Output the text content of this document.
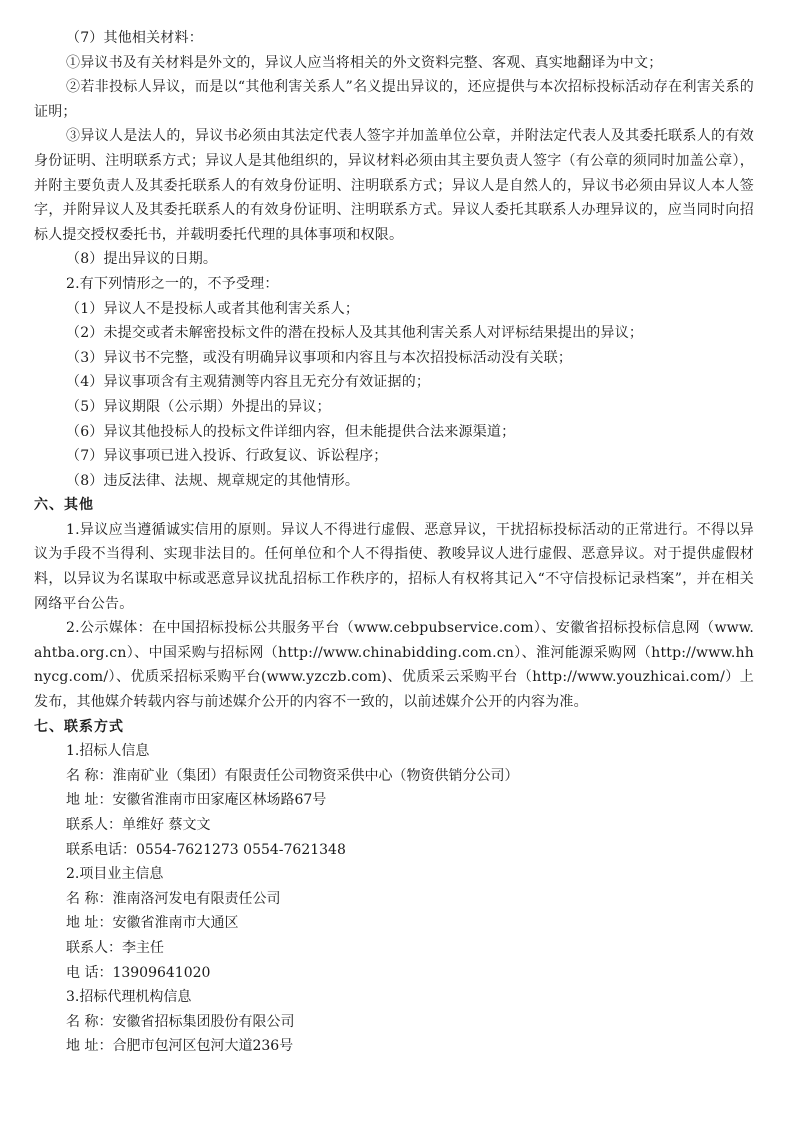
（7）其他相关材料：

①异议书及有关材料是外文的，异议人应当将相关的外文资料完整、客观、真实地翻译为中文；

②若非投标人异议，而是以“其他利害关系人”名义提出异议的，还应提供与本次招标投标活动存在利害关系的证明；

③异议人是法人的，异议书必须由其法定代表人签字并加盖单位公章，并附法定代表人及其委托联系人的有效身份证明、注明联系方式；异议人是其他组织的，异议材料必须由其主要负责人签字（有公章的须同时加盖公章），并附主要负责人及其委托联系人的有效身份证明、注明联系方式；异议人是自然人的，异议书必须由异议人本人签字，并附异议人及其委托联系人的有效身份证明、注明联系方式。异议人委托其联系人办理异议的，应当同时向招标人提交授权委托书，并载明委托代理的具体事项和权限。

（8）提出异议的日期。

2.有下列情形之一的，不予受理：

（1）异议人不是投标人或者其他利害关系人；

（2）未提交或者未解密投标文件的潜在投标人及其其他利害关系人对评标结果提出的异议；

（3）异议书不完整，或没有明确异议事项和内容且与本次招投标活动没有关联；

（4）异议事项含有主观猜测等内容且无充分有效证据的；

（5）异议期限（公示期）外提出的异议；

（6）异议其他投标人的投标文件详细内容，但未能提供合法来源渠道；

（7）异议事项已进入投诉、行政复议、诉讼程序；

（8）违反法律、法规、规章规定的其他情形。

六、其他

1.异议应当遵循诚实信用的原则。异议人不得进行虚假、恶意异议，干扰招标投标活动的正常进行。不得以异议为手段不当得利、实现非法目的。任何单位和个人不得指使、教唆异议人进行虚假、恶意异议。对于提供虚假材料，以异议为名谋取中标或恶意异议扰乱招标工作秩序的，招标人有权将其记入“不守信投标记录档案”，并在相关网络平台公告。

2.公示媒体：在中国招标投标公共服务平台（www.cebpubservice.com）、安徽省招标投标信息网（www.ahtba.org.cn）、中国采购与招标网（http://www.chinabidding.com.cn）、淮河能源采购网（http://www.hhnycg.com/）、优质采招标采购平台(www.yzczb.com)、优质采云采购平台（http://www.youzhicai.com/）上发布，其他媒介转载内容与前述媒介公开的内容不一致的，以前述媒介公开的内容为准。

七、联系方式

1.招标人信息

名 称：淮南矿业（集团）有限责任公司物资采供中心（物资供销分公司）

地 址：安徽省淮南市田家庵区林场路67号

联系人：单维好 蔡文文

联系电话：0554-7621273 0554-7621348

2.项目业主信息

名 称：淮南洛河发电有限责任公司

地 址：安徽省淮南市大通区

联系人：李主任

电 话：13909641020

3.招标代理机构信息

名 称：安徽省招标集团股份有限公司

地 址：合肥市包河区包河大道236号
